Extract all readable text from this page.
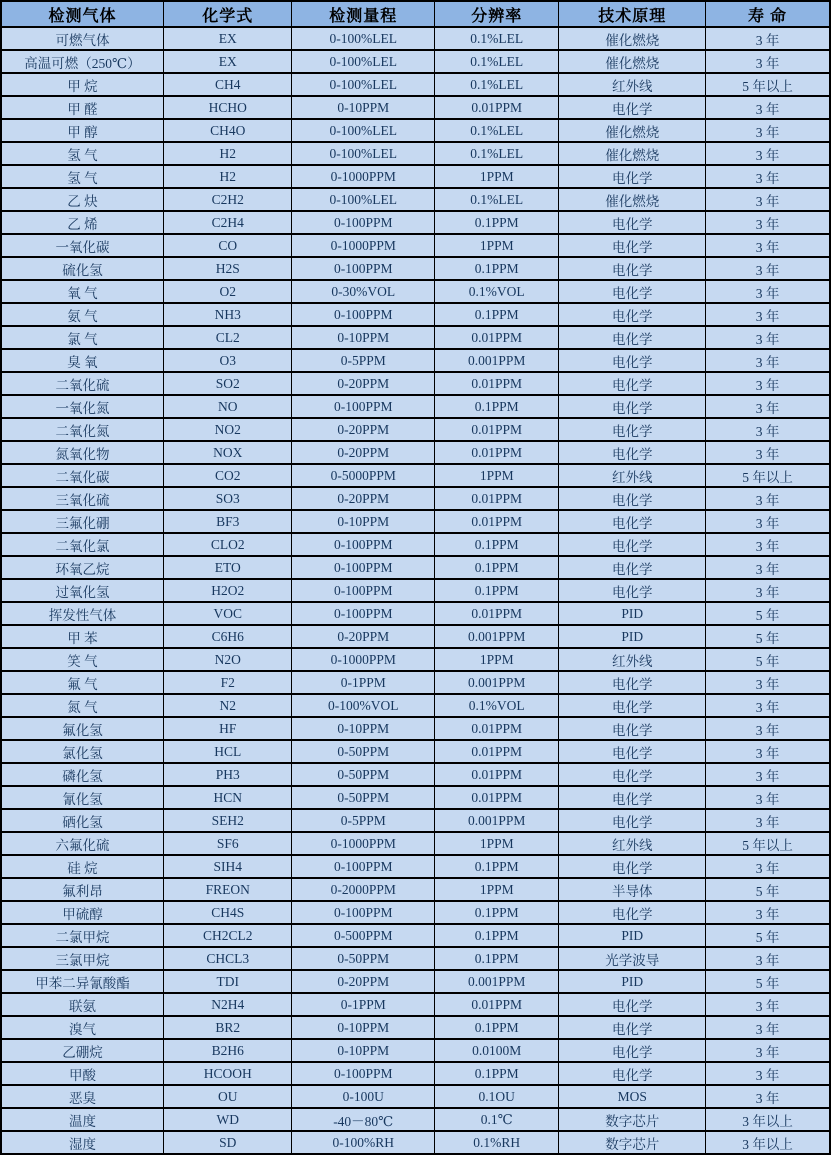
检测气体	化学式	检测量程	分辨率	技术原理	寿 命
可燃气体	EX	0-100%LEL	0.1%LEL	催化燃烧	3 年
高温可燃（250℃）	EX	0-100%LEL	0.1%LEL	催化燃烧	3 年
甲 烷	CH4	0-100%LEL	0.1%LEL	红外线	5 年以上
甲 醛	HCHO	0-10PPM	0.01PPM	电化学	3 年
甲 醇	CH4O	0-100%LEL	0.1%LEL	催化燃烧	3 年
氢 气	H2	0-100%LEL	0.1%LEL	催化燃烧	3 年
氢 气	H2	0-1000PPM	1PPM	电化学	3 年
乙 炔	C2H2	0-100%LEL	0.1%LEL	催化燃烧	3 年
乙 烯	C2H4	0-100PPM	0.1PPM	电化学	3 年
一氧化碳	CO	0-1000PPM	1PPM	电化学	3 年
硫化氢	H2S	0-100PPM	0.1PPM	电化学	3 年
氧 气	O2	0-30%VOL	0.1%VOL	电化学	3 年
氨 气	NH3	0-100PPM	0.1PPM	电化学	3 年
氯 气	CL2	0-10PPM	0.01PPM	电化学	3 年
臭 氧	O3	0-5PPM	0.001PPM	电化学	3 年
二氧化硫	SO2	0-20PPM	0.01PPM	电化学	3 年
一氧化氮	NO	0-100PPM	0.1PPM	电化学	3 年
二氧化氮	NO2	0-20PPM	0.01PPM	电化学	3 年
氮氧化物	NOX	0-20PPM	0.01PPM	电化学	3 年
二氧化碳	CO2	0-5000PPM	1PPM	红外线	5 年以上
三氧化硫	SO3	0-20PPM	0.01PPM	电化学	3 年
三氟化硼	BF3	0-10PPM	0.01PPM	电化学	3 年
二氧化氯	CLO2	0-100PPM	0.1PPM	电化学	3 年
环氧乙烷	ETO	0-100PPM	0.1PPM	电化学	3 年
过氧化氢	H2O2	0-100PPM	0.1PPM	电化学	3 年
挥发性气体	VOC	0-100PPM	0.01PPM	PID	5 年
甲 苯	C6H6	0-20PPM	0.001PPM	PID	5 年
笑 气	N2O	0-1000PPM	1PPM	红外线	5 年
氟 气	F2	0-1PPM	0.001PPM	电化学	3 年
氮 气	N2	0-100%VOL	0.1%VOL	电化学	3 年
氟化氢	HF	0-10PPM	0.01PPM	电化学	3 年
氯化氢	HCL	0-50PPM	0.01PPM	电化学	3 年
磷化氢	PH3	0-50PPM	0.01PPM	电化学	3 年
氰化氢	HCN	0-50PPM	0.01PPM	电化学	3 年
硒化氢	SEH2	0-5PPM	0.001PPM	电化学	3 年
六氟化硫	SF6	0-1000PPM	1PPM	红外线	5 年以上
硅 烷	SIH4	0-100PPM	0.1PPM	电化学	3 年
氟利昂	FREON	0-2000PPM	1PPM	半导体	5 年
甲硫醇	CH4S	0-100PPM	0.1PPM	电化学	3 年
二氯甲烷	CH2CL2	0-500PPM	0.1PPM	PID	5 年
三氯甲烷	CHCL3	0-50PPM	0.1PPM	光学波导	3 年
甲苯二异氰酸酯	TDI	0-20PPM	0.001PPM	PID	5 年
联氨	N2H4	0-1PPM	0.01PPM	电化学	3 年
溴气	BR2	0-10PPM	0.1PPM	电化学	3 年
乙硼烷	B2H6	0-10PPM	0.0100M	电化学	3 年
甲酸	HCOOH	0-100PPM	0.1PPM	电化学	3 年
恶臭	OU	0-100U	0.1OU	MOS	3 年
温度	WD	-40－80℃	0.1℃	数字芯片	3 年以上
湿度	SD	0-100%RH	0.1%RH	数字芯片	3 年以上
